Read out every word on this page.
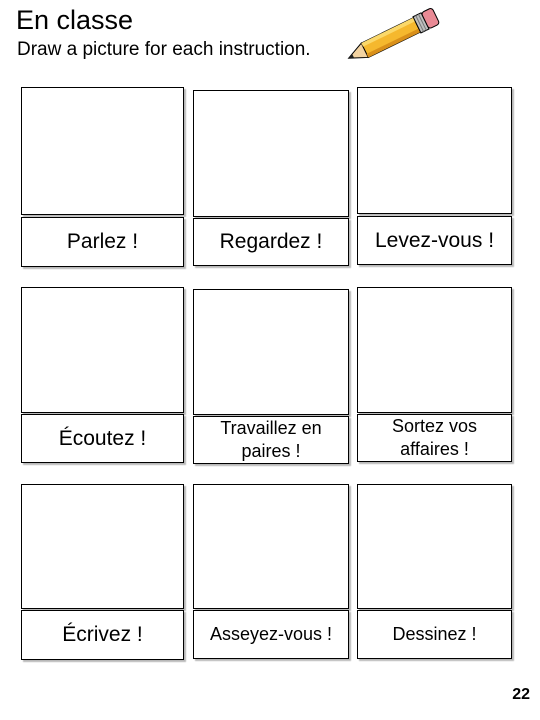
En classe
Draw a picture for each instruction.
Parlez !	Regardez !	Levez-vous !
Écoutez !	Travaillez en paires !
Sortez vos affaires !
Écrivez !	Asseyez-vous !	Dessinez !
22
